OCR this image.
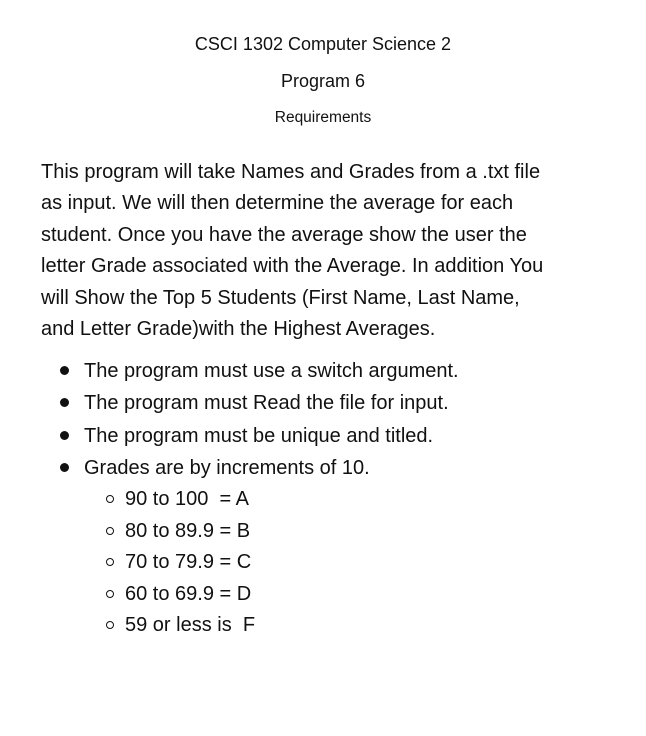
CSCI 1302 Computer Science 2
Program 6
Requirements

This program will take Names and Grades from a .txt file
as input. We will then determine the average for each
student. Once you have the average show the user the
letter Grade associated with the Average. In addition You
will Show the Top 5 Students (First Name, Last Name,
and Letter Grade)with the Highest Averages.

The program must use a switch argument.
The program must Read the file for input.
The program must be unique and titled.
Grades are by increments of 10.

90 to 100  = A

80 to 89.9 = B

70 to 79.9 = C

60 to 69.9 = D

59 or less is  F
